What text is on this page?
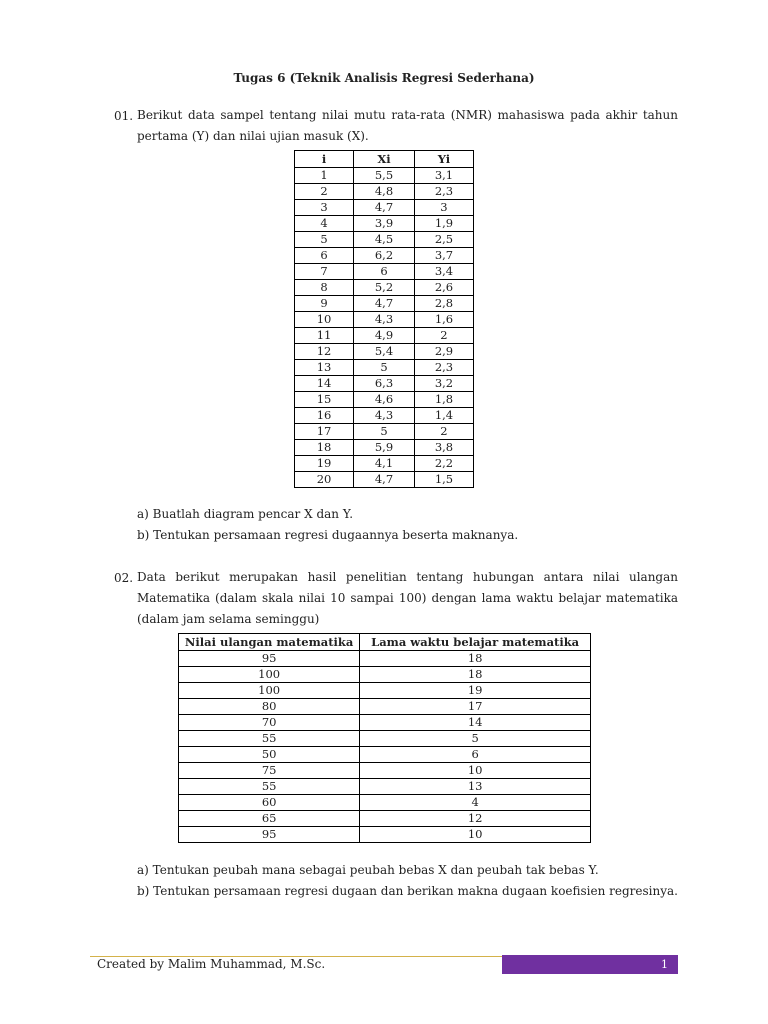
Tugas 6 (Teknik Analisis Regresi Sederhana)
01. Berikut data sampel tentang nilai mutu rata-rata (NMR) mahasiswa pada akhir tahun
pertama (Y) dan nilai ujian masuk (X).
i	Xi	Yi
1	5,5	3,1
2	4,8	2,3
3	4,7	3
4	3,9	1,9
5	4,5	2,5
6	6,2	3,7
7	6	3,4
8	5,2	2,6
9	4,7	2,8
10	4,3	1,6
11	4,9	2
12	5,4	2,9
13	5	2,3
14	6,3	3,2
15	4,6	1,8
16	4,3	1,4
17	5	2
18	5,9	3,8
19	4,1	2,2
20	4,7	1,5
a) Buatlah diagram pencar X dan Y.
b) Tentukan persamaan regresi dugaannya beserta maknanya.
02. Data berikut merupakan hasil penelitian tentang hubungan antara nilai ulangan
Matematika (dalam skala nilai 10 sampai 100) dengan lama waktu belajar matematika
(dalam jam selama seminggu)
Nilai ulangan matematika	Lama waktu belajar matematika
95	18
100	18
100	19
80	17
70	14
55	5
50	6
75	10
55	13
60	4
65	12
95	10
a) Tentukan peubah mana sebagai peubah bebas X dan peubah tak bebas Y.
b) Tentukan persamaan regresi dugaan dan berikan makna dugaan koefisien regresinya.
Created by Malim Muhammad, M.Sc.	1
